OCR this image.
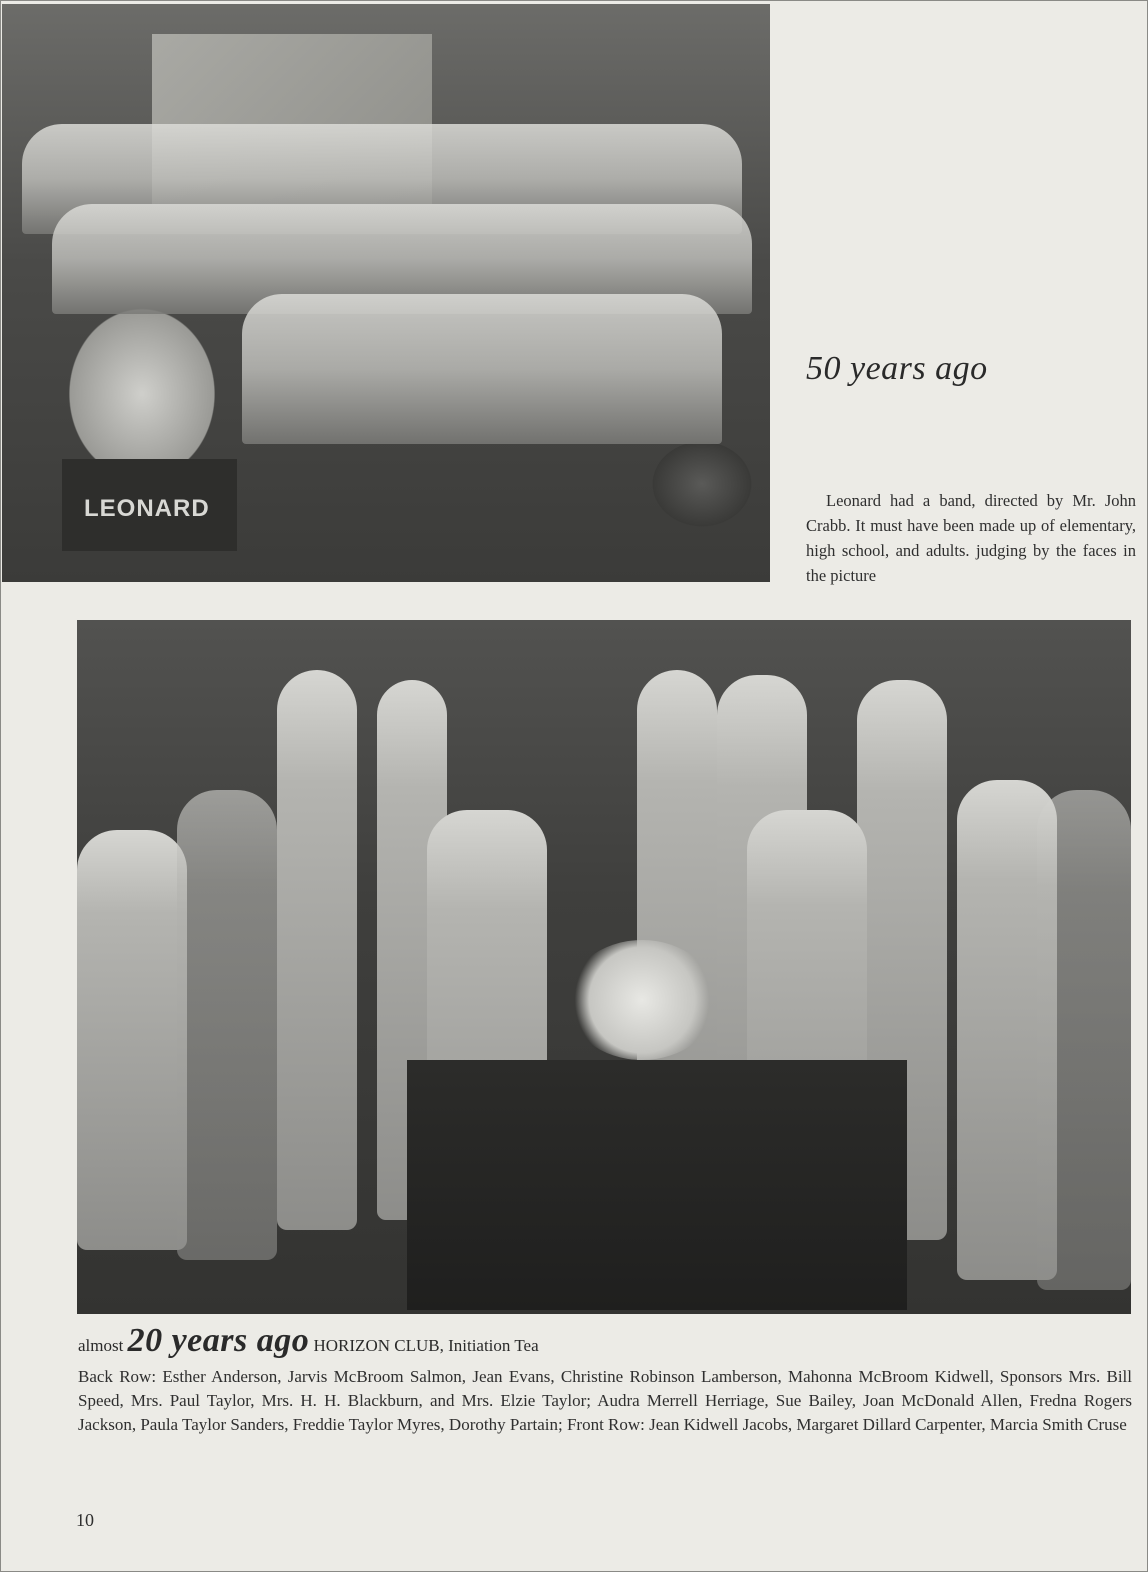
LEONARD
50 years ago
Leonard had a band, directed by Mr. John Crabb. It must have been made up of elementary, high school, and adults. judging by the faces in the picture
almost 20 years ago HORIZON CLUB, Initiation Tea
Back Row: Esther Anderson, Jarvis McBroom Salmon, Jean Evans, Christine Robinson Lamberson, Mahonna McBroom Kidwell, Sponsors Mrs. Bill Speed, Mrs. Paul Taylor, Mrs. H. H. Blackburn, and Mrs. Elzie Taylor; Audra Merrell Herriage, Sue Bailey, Joan McDonald Allen, Fredna Rogers Jackson, Paula Taylor Sanders, Freddie Taylor Myres, Dorothy Partain; Front Row: Jean Kidwell Jacobs, Margaret Dillard Carpenter, Marcia Smith Cruse
10
